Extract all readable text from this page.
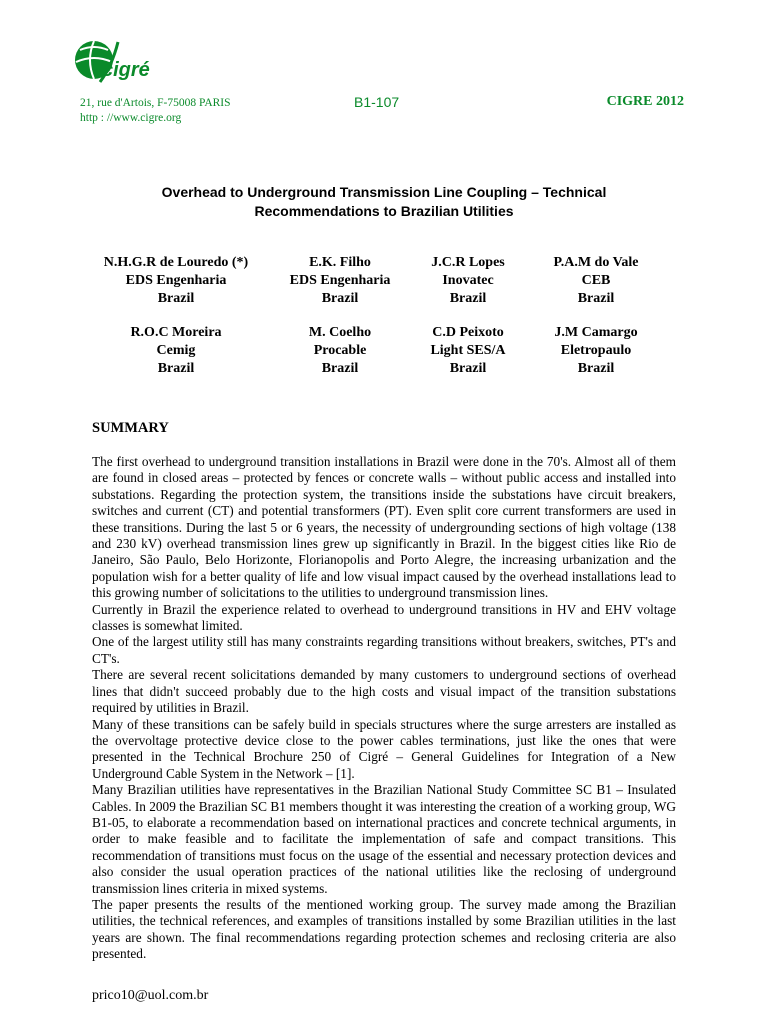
cigré
21, rue d'Artois, F-75008 PARIS
http : //www.cigre.org
B1-107	CIGRE 2012
Overhead to Underground Transmission Line Coupling – Technical
Recommendations to Brazilian Utilities
N.H.G.R de Louredo (*)
EDS Engenharia
Brazil
E.K. Filho
EDS Engenharia
Brazil
J.C.R Lopes
Inovatec
Brazil
P.A.M do Vale
CEB
Brazil
R.O.C Moreira
Cemig
Brazil
M. Coelho
Procable
Brazil
C.D Peixoto
Light SES/A
Brazil
J.M Camargo
Eletropaulo
Brazil
SUMMARY

The first overhead to underground transition installations in Brazil were done in the 70's. Almost all of them are found in closed areas – protected by fences or concrete walls – without public access and installed into substations. Regarding the protection system, the transitions inside the substations have circuit breakers, switches and current (CT) and potential transformers (PT). Even split core current transformers are used in these transitions. During the last 5 or 6 years, the necessity of undergrounding sections of high voltage (138 and 230 kV) overhead transmission lines grew up significantly in Brazil. In the biggest cities like Rio de Janeiro, São Paulo, Belo Horizonte, Florianopolis and Porto Alegre, the increasing urbanization and the population wish for a better quality of life and low visual impact caused by the overhead installations lead to this growing number of solicitations to the utilities to underground transmission lines.

Currently in Brazil the experience related to overhead to underground transitions in HV and EHV voltage classes is somewhat limited.

One of the largest utility still has many constraints regarding transitions without breakers, switches, PT's and CT's.

There are several recent solicitations demanded by many customers to underground sections of overhead lines that didn't succeed probably due to the high costs and visual impact of the transition substations required by utilities in Brazil.

Many of these transitions can be safely build in specials structures where the surge arresters are installed as the overvoltage protective device close to the power cables terminations, just like the ones that were presented in the Technical Brochure 250 of Cigré – General Guidelines for Integration of a New Underground Cable System in the Network – [1].

Many Brazilian utilities have representatives in the Brazilian National Study Committee SC B1 – Insulated Cables. In 2009 the Brazilian SC B1 members thought it was interesting the creation of a working group, WG B1-05, to elaborate a recommendation based on international practices and concrete technical arguments, in order to make feasible and to facilitate the implementation of safe and compact transitions. This recommendation of transitions must focus on the usage of the essential and necessary protection devices and also consider the usual operation practices of the national utilities like the reclosing of underground transmission lines criteria in mixed systems.

The paper presents the results of the mentioned working group. The survey made among the Brazilian utilities, the technical references, and examples of transitions installed by some Brazilian utilities in the last years are shown. The final recommendations regarding protection schemes and reclosing criteria are also presented.

prico10@uol.com.br
